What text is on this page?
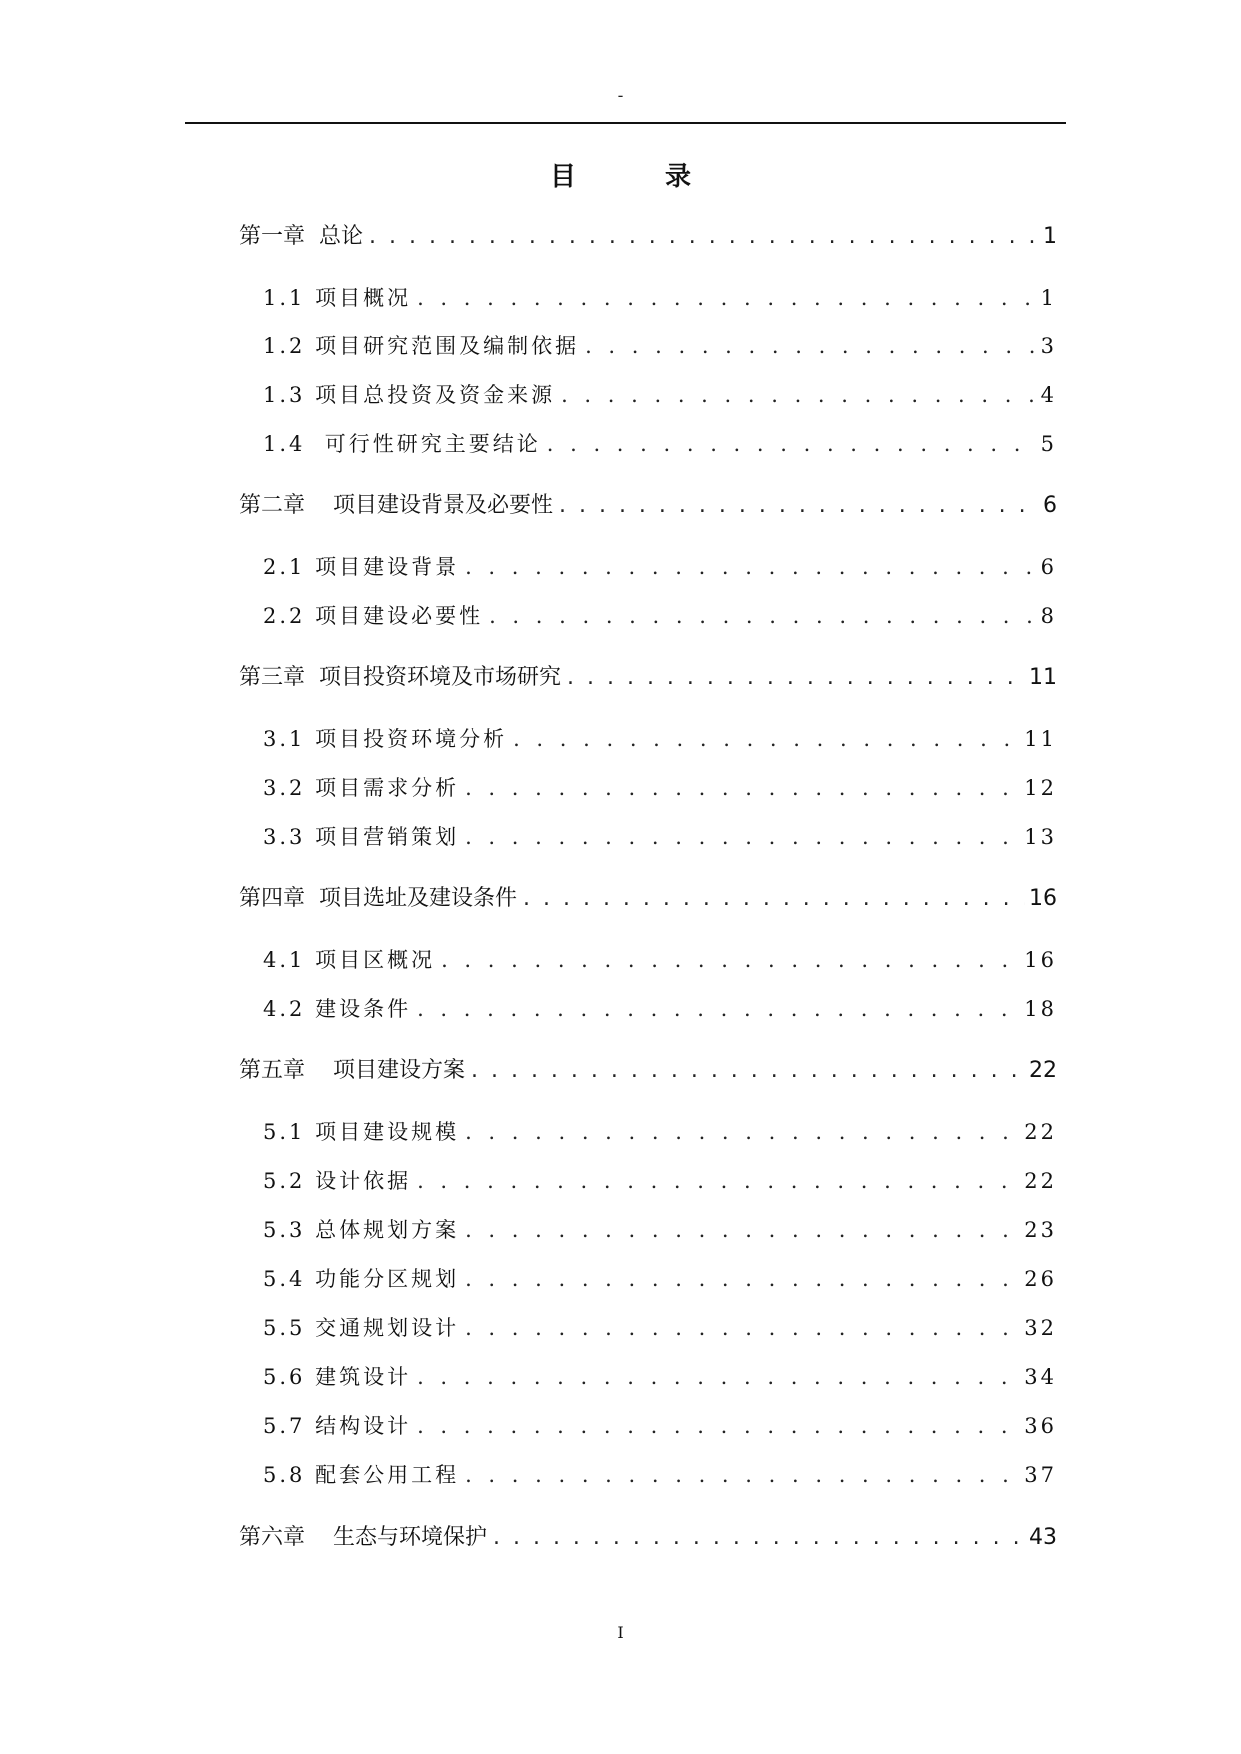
-
目 录
第一章  总论 . . .	1
1.1 项目概况 . . .	1
1.2 项目研究范围及编制依据 . . .	3
1.3 项目总投资及资金来源 . . .	4
1.4  可行性研究主要结论 . . .	5
第二章    项目建设背景及必要性 . . .	6
2.1 项目建设背景 . . .	6
2.2 项目建设必要性 . . .	8
第三章  项目投资环境及市场研究 . . .	11
3.1 项目投资环境分析 . . .	11
3.2 项目需求分析 . . .	12
3.3 项目营销策划 . . .	13
第四章  项目选址及建设条件 . . .	16
4.1 项目区概况 . . .	16
4.2 建设条件 . . .	18
第五章    项目建设方案 . . .	22
5.1 项目建设规模 . . .	22
5.2 设计依据 . . .	22
5.3 总体规划方案 . . .	23
5.4 功能分区规划 . . .	26
5.5 交通规划设计 . . .	32
5.6 建筑设计 . . .	34
5.7 结构设计 . . .	36
5.8 配套公用工程 . . .	37
第六章    生态与环境保护 . . .	43
I
